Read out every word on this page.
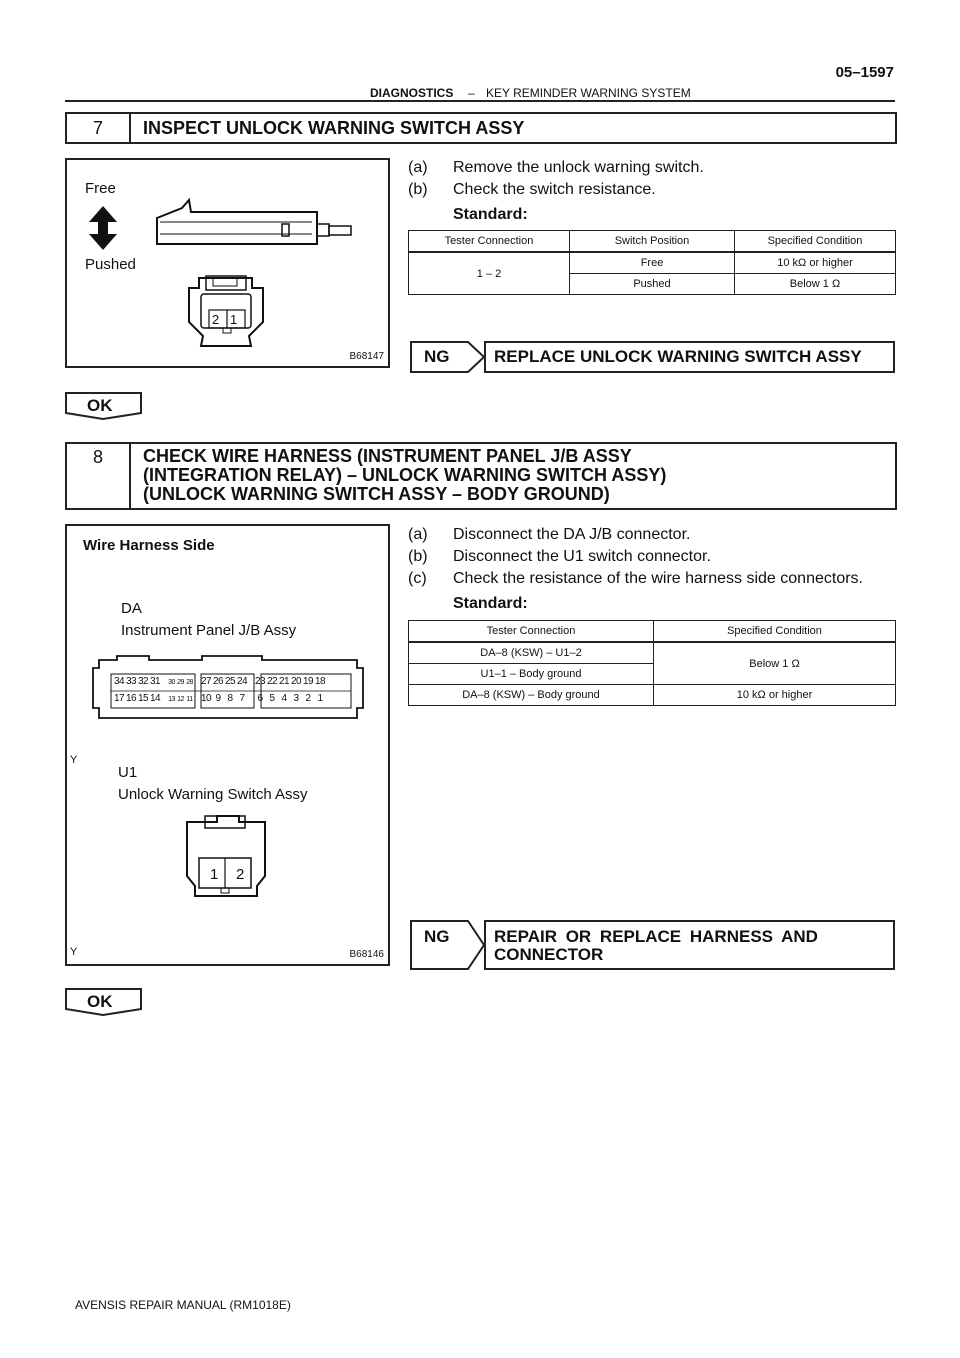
05–1597
DIAGNOSTICS – KEY REMINDER WARNING SYSTEM
7	INSPECT UNLOCK WARNING SWITCH ASSY
Free
Pushed
2 1
B68147
(a) Remove the unlock warning switch.
(b) Check the switch resistance.
Standard:
Tester Connection	Switch Position	Specified Condition
1 – 2	Free	10 kΩ or higher
	Pushed	Below 1 Ω
NG	REPLACE UNLOCK WARNING SWITCH ASSY
OK
8	CHECK WIRE HARNESS (INSTRUMENT PANEL J/B ASSY
(INTEGRATION RELAY) – UNLOCK WARNING SWITCH ASSY)
(UNLOCK WARNING SWITCH ASSY – BODY GROUND)
34 33 32 31 30 29 28 27 26 25 24 23 22 21 20 19 18
17 16 15 14 13 12 11 10 9 8 7 6 5 4 3 2 1
Wire Harness Side
DA
Instrument Panel J/B Assy
U1
Unlock Warning Switch Assy
Y
Y
1 2
B68146
(a) Disconnect the DA J/B connector.
(b) Disconnect the U1 switch connector.
(c) Check the resistance of the wire harness side connectors.
Standard:
Tester Connection	Specified Condition
DA–8 (KSW) – U1–2	Below 1 Ω
U1–1 – Body ground	
DA–8 (KSW) – Body ground	10 kΩ or higher
NG	REPAIR OR REPLACE HARNESS AND
CONNECTOR
OK
AVENSIS REPAIR MANUAL (RM1018E)
